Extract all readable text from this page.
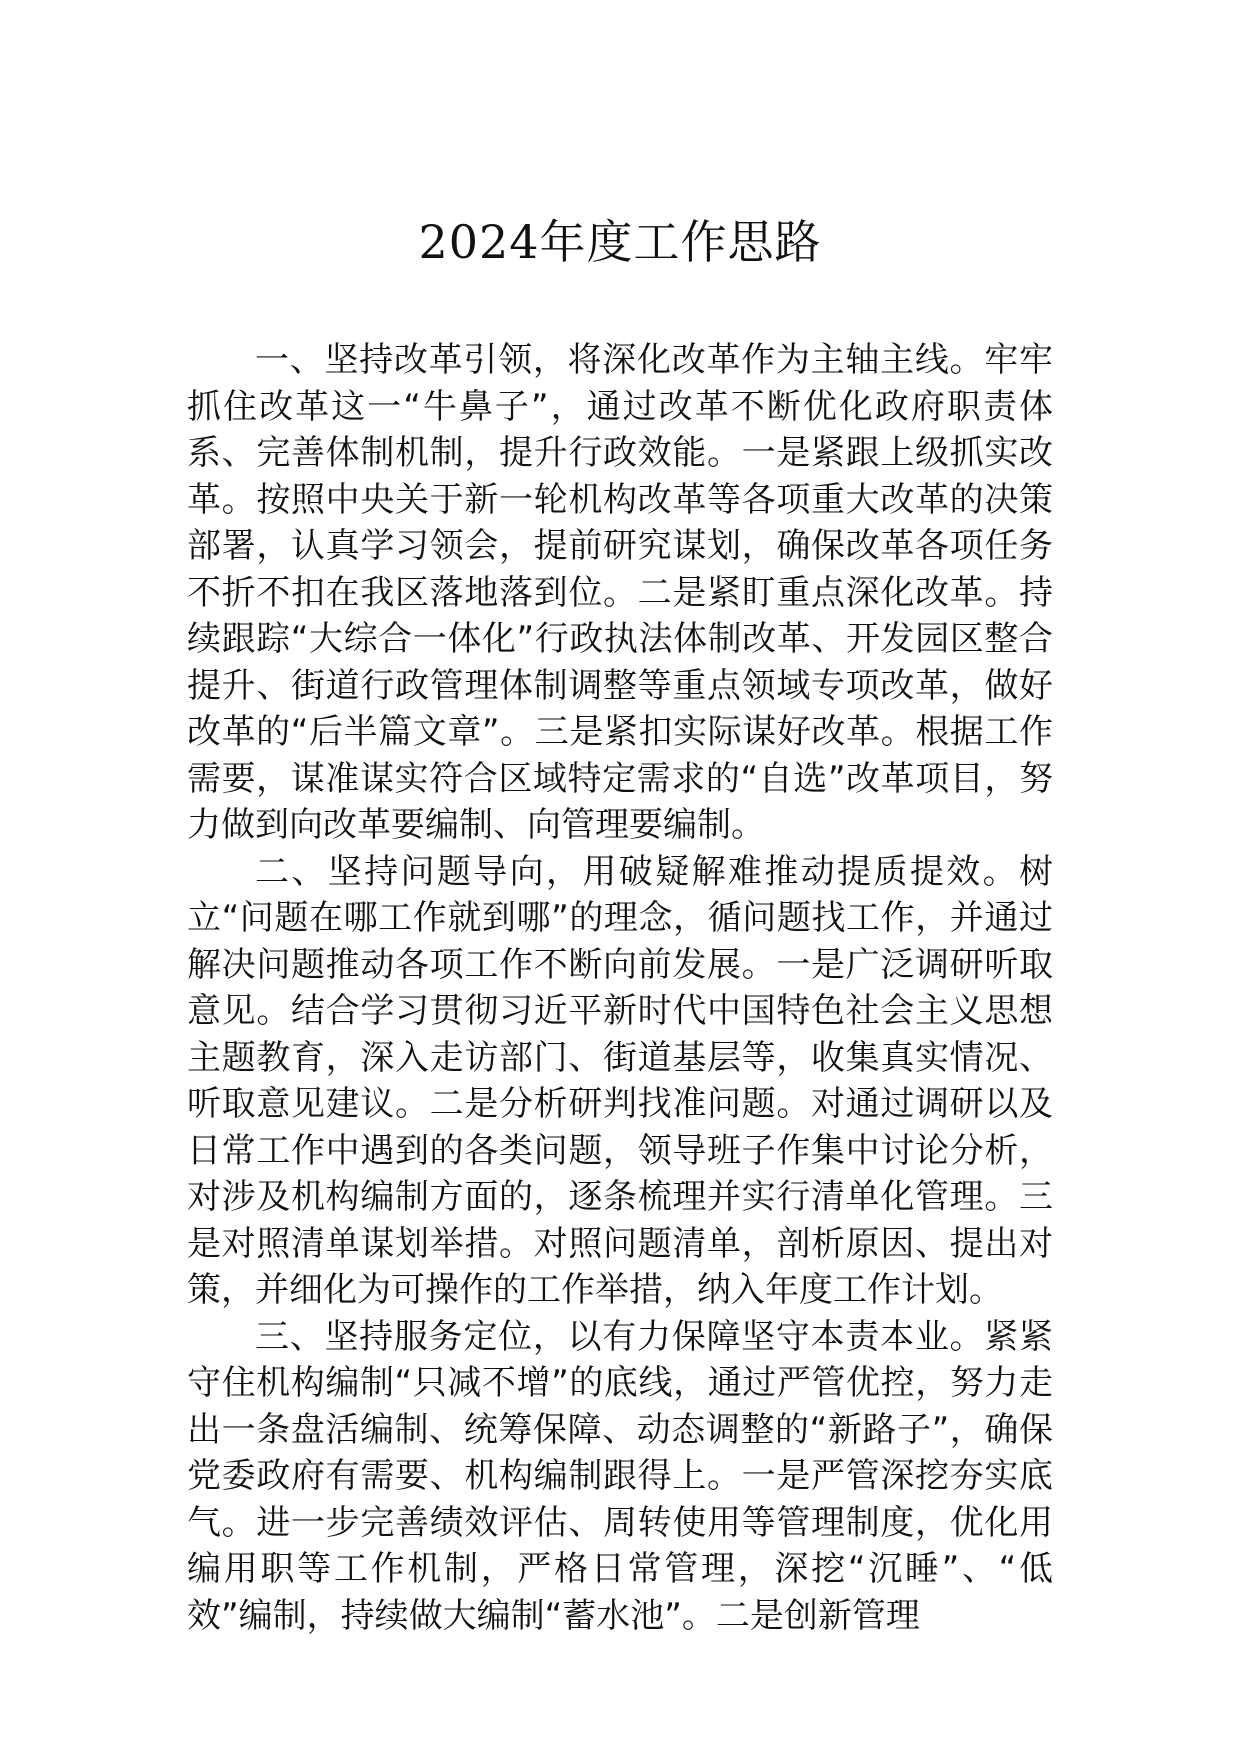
2024年度工作思路

一、坚持改革引领，将深化改革作为主轴主线。牢牢抓住改革这一“牛鼻子”，通过改革不断优化政府职责体系、完善体制机制，提升行政效能。一是紧跟上级抓实改革。按照中央关于新一轮机构改革等各项重大改革的决策部署，认真学习领会，提前研究谋划，确保改革各项任务不折不扣在我区落地落到位。二是紧盯重点深化改革。持续跟踪“大综合一体化”行政执法体制改革、开发园区整合提升、街道行政管理体制调整等重点领域专项改革，做好改革的“后半篇文章”。三是紧扣实际谋好改革。根据工作需要，谋准谋实符合区域特定需求的“自选”改革项目，努力做到向改革要编制、向管理要编制。

二、坚持问题导向，用破疑解难推动提质提效。树立“问题在哪工作就到哪”的理念，循问题找工作，并通过解决问题推动各项工作不断向前发展。一是广泛调研听取意见。结合学习贯彻习近平新时代中国特色社会主义思想主题教育，深入走访部门、街道基层等，收集真实情况、听取意见建议。二是分析研判找准问题。对通过调研以及日常工作中遇到的各类问题，领导班子作集中讨论分析，对涉及机构编制方面的，逐条梳理并实行清单化管理。三是对照清单谋划举措。对照问题清单，剖析原因、提出对策，并细化为可操作的工作举措，纳入年度工作计划。

三、坚持服务定位，以有力保障坚守本责本业。紧紧守住机构编制“只减不增”的底线，通过严管优控，努力走出一条盘活编制、统筹保障、动态调整的“新路子”，确保党委政府有需要、机构编制跟得上。一是严管深挖夯实底气。进一步完善绩效评估、周转使用等管理制度，优化用编用职等工作机制，严格日常管理，深挖“沉睡”、“低效”编制，持续做大编制“蓄水池”。二是创新管理
